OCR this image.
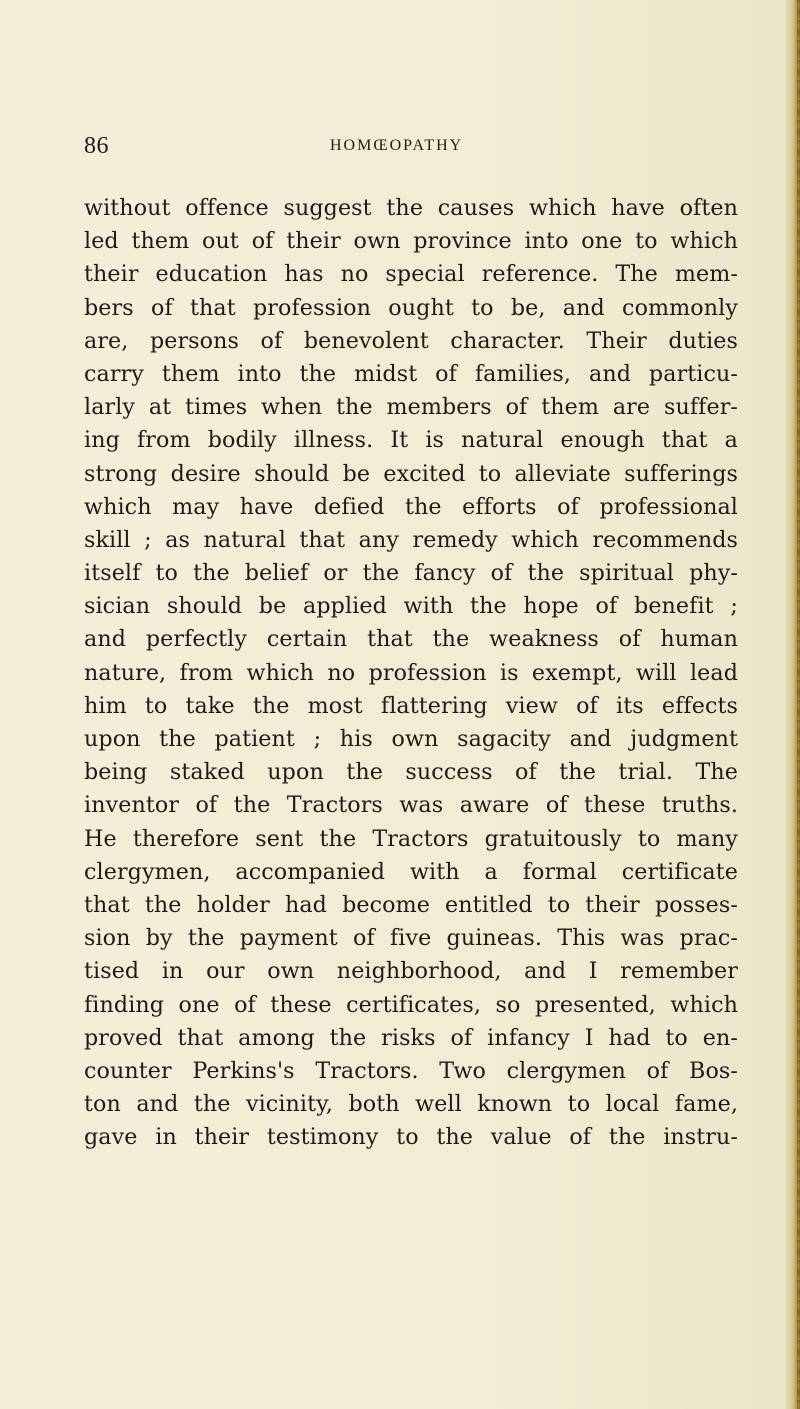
86	HOMŒOPATHY
without offence suggest the causes which have often
led them out of their own province into one to which
their education has no special reference. The mem-
bers of that profession ought to be, and commonly
are, persons of benevolent character. Their duties
carry them into the midst of families, and particu-
larly at times when the members of them are suffer-
ing from bodily illness. It is natural enough that a
strong desire should be excited to alleviate sufferings
which may have defied the efforts of professional
skill ; as natural that any remedy which recommends
itself to the belief or the fancy of the spiritual phy-
sician should be applied with the hope of benefit ;
and perfectly certain that the weakness of human
nature, from which no profession is exempt, will lead
him to take the most flattering view of its effects
upon the patient ; his own sagacity and judgment
being staked upon the success of the trial. The
inventor of the Tractors was aware of these truths.
He therefore sent the Tractors gratuitously to many
clergymen, accompanied with a formal certificate
that the holder had become entitled to their posses-
sion by the payment of five guineas. This was prac-
tised in our own neighborhood, and I remember
finding one of these certificates, so presented, which
proved that among the risks of infancy I had to en-
counter Perkins's Tractors. Two clergymen of Bos-
ton and the vicinity, both well known to local fame,
gave in their testimony to the value of the instru-
